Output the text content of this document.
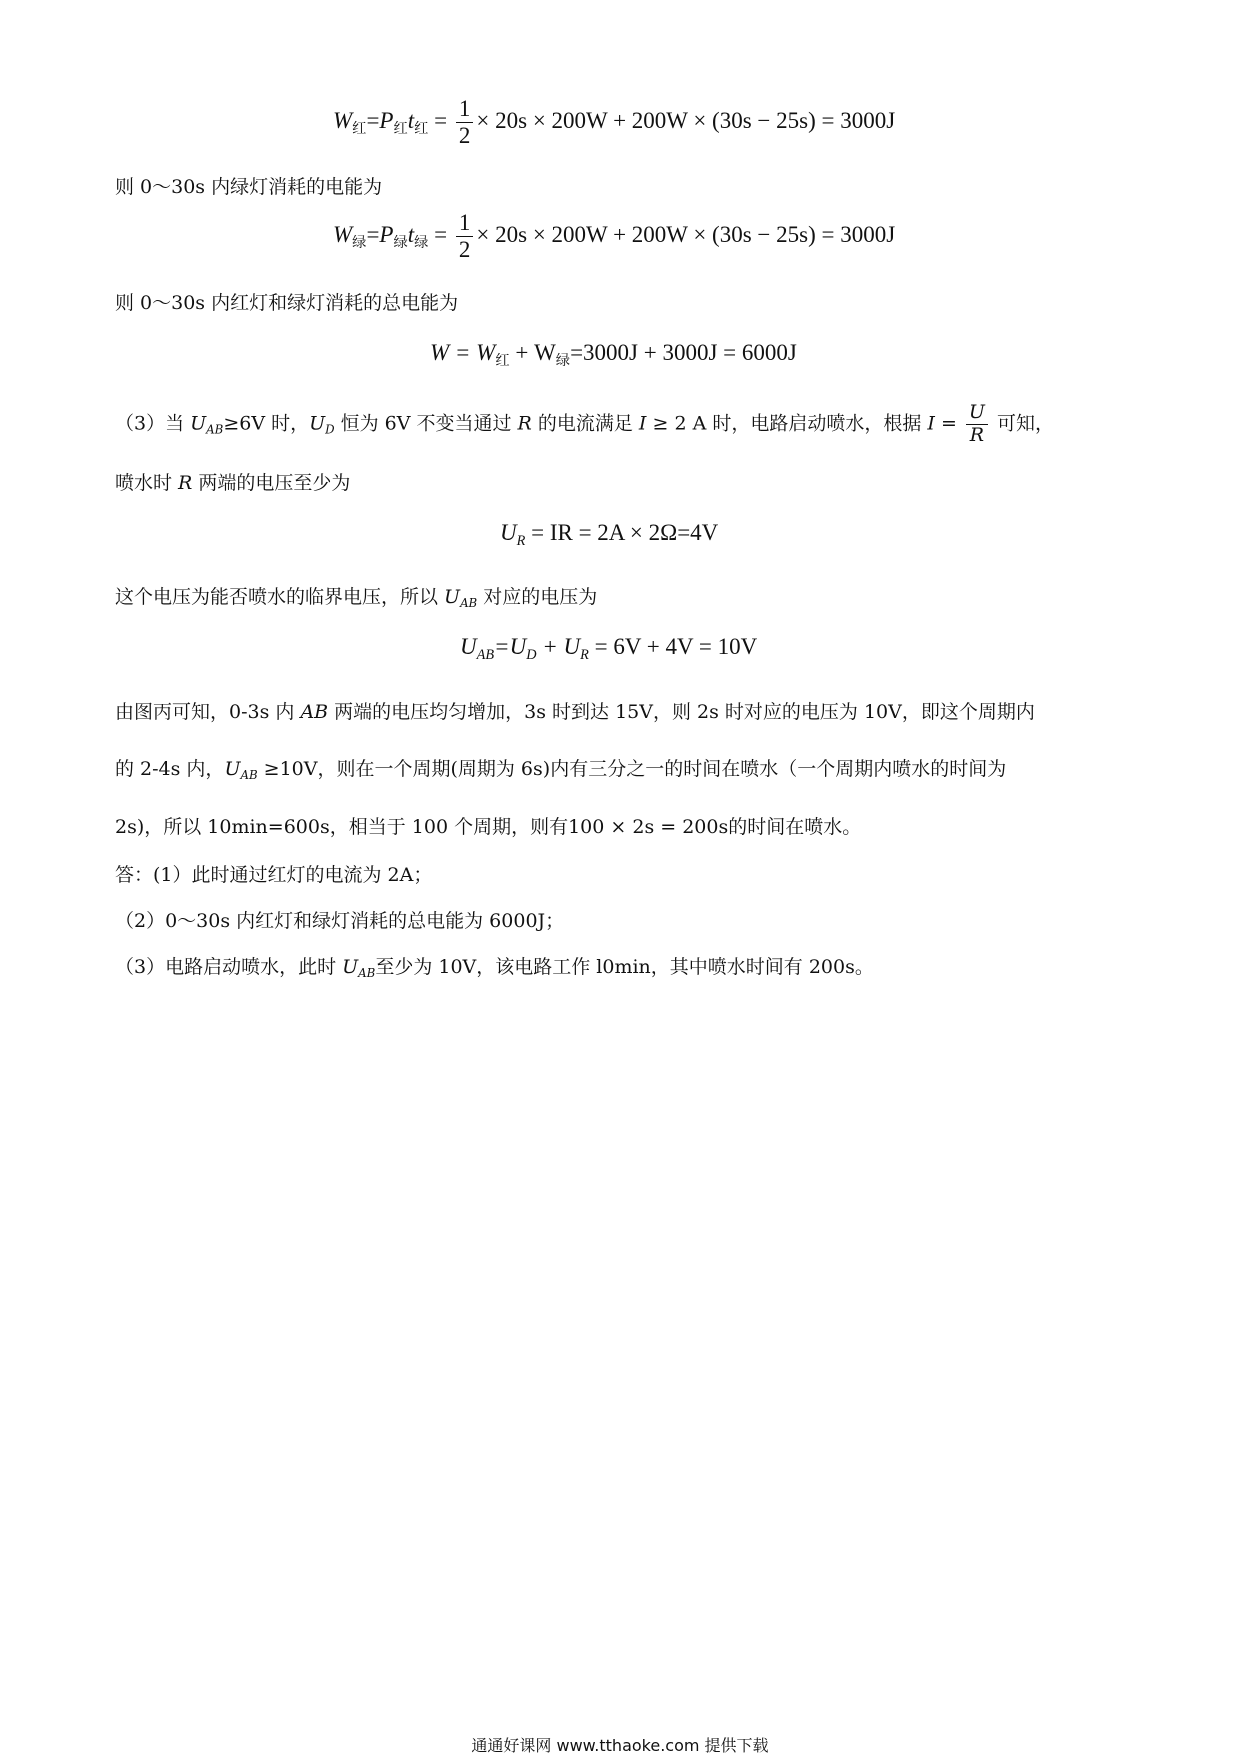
$W_红=P_红t_红 = \frac{1}{2} \times 20s \times 200W + 200W \times (30s - 25s) = 3000J$
则 0～30s 内绿灯消耗的电能为
$W_绿=P_绿t_绿 = \frac{1}{2} \times 20s \times 200W + 200W \times (30s - 25s) = 3000J$
则 0～30s 内红灯和绿灯消耗的总电能为
$W = W_红 + W_绿=3000J + 3000J = 6000J$
（3）当 $U_{AB}\ge 6V$ 时，$U_D$ 恒为 6V 不变当通过 R 的电流满足 I ≥ 2 A 时，电路启动喷水，根据 $I = \frac{U}{R}$ 可知，
喷水时 R 两端的电压至少为
$U_R$ = IR = 2A × 2Ω=4V
这个电压为能否喷水的临界电压，所以 $U_{AB}$ 对应的电压为
$U_{AB}=U_D + U_R = 6V + 4V = 10V$
由图丙可知，0-3s 内 AB 两端的电压均匀增加，3s 时到达 15V，则 2s 时对应的电压为 10V，即这个周期内
的 2-4s 内，$U_{AB} \ge 10V$，则在一个周期(周期为 6s)内有三分之一的时间在喷水（一个周期内喷水的时间为
2s)，所以 10min=600s，相当于 100 个周期，则有100 × 2s = 200s的时间在喷水。
答：(1）此时通过红灯的电流为 2A；
（2）0～30s 内红灯和绿灯消耗的总电能为 6000J；
（3）电路启动喷水，此时 $U_{AB}$至少为 10V，该电路工作 l0min，其中喷水时间有 200s。
通通好课网 www.tthaoke.com 提供下载
